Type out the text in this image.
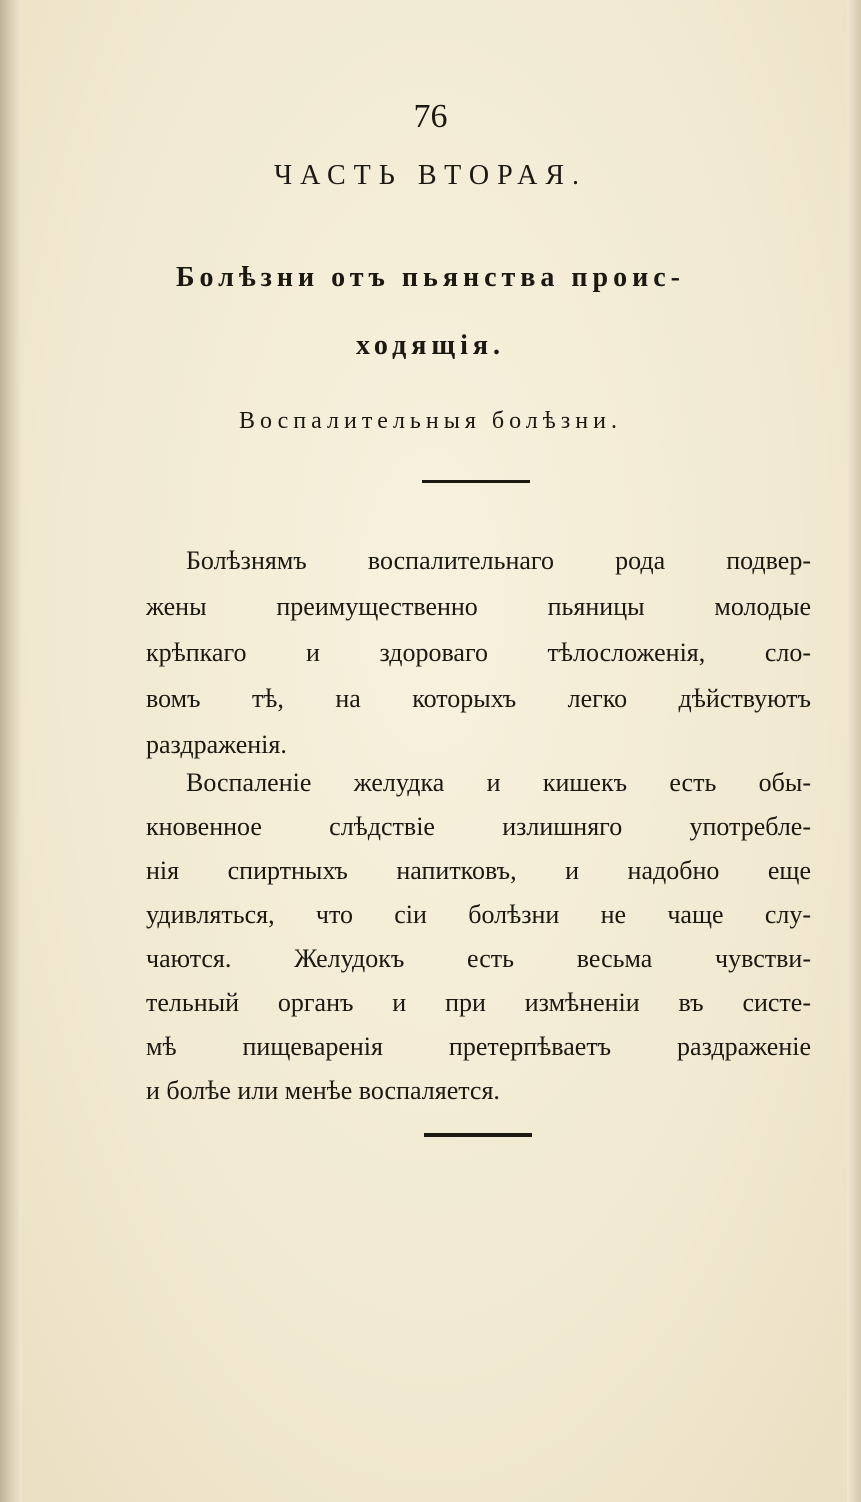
76
ЧАСТЬ ВТОРАЯ.
Болѣзни отъ пьянства проис-
ходящія.
Воспалительныя болѣзни.
Болѣзнямъ воспалительнаго рода подвер-
жены преимущественно пьяницы молодые
крѣпкаго и здороваго тѣлосложенія, сло-
вомъ тѣ, на которыхъ легко дѣйствуютъ
раздраженія.
Воспаленіе желудка и кишекъ есть обы-
кновенное слѣдствіе излишняго употребле-
нія спиртныхъ напитковъ, и надобно еще
удивляться, что сіи болѣзни не чаще слу-
чаются. Желудокъ есть весьма чувстви-
тельный органъ и при измѣненіи въ систе-
мѣ пищеваренія претерпѣваетъ раздраженіе
и болѣе или менѣе воспаляется.
